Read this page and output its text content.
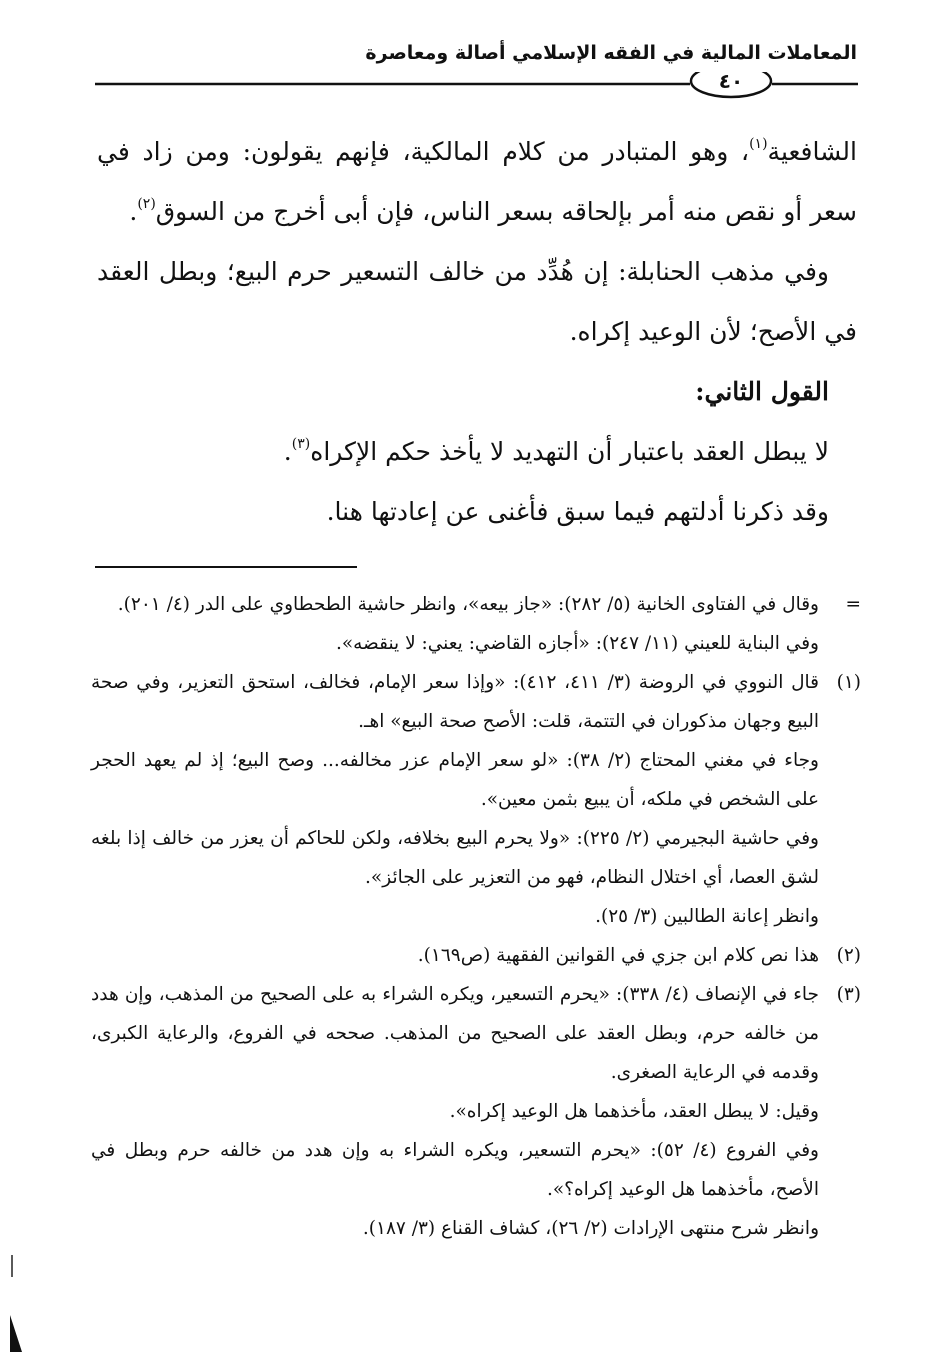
المعاملات المالية في الفقه الإسلامي أصالة ومعاصرة
٤٠

الشافعية$^{(١)}$، وهو المتبادر من كلام المالكية، فإنهم يقولون: ومن زاد في سعر أو نقص منه أمر بإلحاقه بسعر الناس، فإن أبى أخرج من السوق$^{(٢)}$.

وفي مذهب الحنابلة: إن هُدِّد من خالف التسعير حرم البيع؛ وبطل العقد في الأصح؛ لأن الوعيد إكراه.

القول الثاني:

لا يبطل العقد باعتبار أن التهديد لا يأخذ حكم الإكراه$^{(٣)}$.

وقد ذكرنا أدلتهم فيما سبق فأغنى عن إعادتها هنا.

=
وقال في الفتاوى الخانية (٥/ ٢٨٢): «جاز بيعه»، وانظر حاشية الطحطاوي على الدر (٤/ ٢٠١).
وفي البناية للعيني (١١/ ٢٤٧): «أجازه القاضي: يعني: لا ينقضه».
(١)
قال النووي في الروضة (٣/ ٤١١، ٤١٢): «وإذا سعر الإمام، فخالف، استحق التعزير، وفي صحة البيع وجهان مذكوران في التتمة، قلت: الأصح صحة البيع» اهـ.
وجاء في مغني المحتاج (٢/ ٣٨): «لو سعر الإمام عزر مخالفه... وصح البيع؛ إذ لم يعهد الحجر على الشخص في ملكه، أن يبيع بثمن معين».
وفي حاشية البجيرمي (٢/ ٢٢٥): «ولا يحرم البيع بخلافه، ولكن للحاكم أن يعزر من خالف إذا بلغه لشق العصا، أي اختلال النظام، فهو من التعزير على الجائز».
وانظر إعانة الطالبين (٣/ ٢٥).
(٢)
هذا نص كلام ابن جزي في القوانين الفقهية (ص١٦٩).
(٣)
جاء في الإنصاف (٤/ ٣٣٨): «يحرم التسعير، ويكره الشراء به على الصحيح من المذهب، وإن هدد من خالفه حرم، وبطل العقد على الصحيح من المذهب. صححه في الفروع، والرعاية الكبرى، وقدمه في الرعاية الصغرى.
وقيل: لا يبطل العقد، مأخذهما هل الوعيد إكراه».
وفي الفروع (٤/ ٥٢): «يحرم التسعير، ويكره الشراء به وإن هدد من خالفه حرم وبطل في الأصح، مأخذهما هل الوعيد إكراه؟».
وانظر شرح منتهى الإرادات (٢/ ٢٦)، كشاف القناع (٣/ ١٨٧).
